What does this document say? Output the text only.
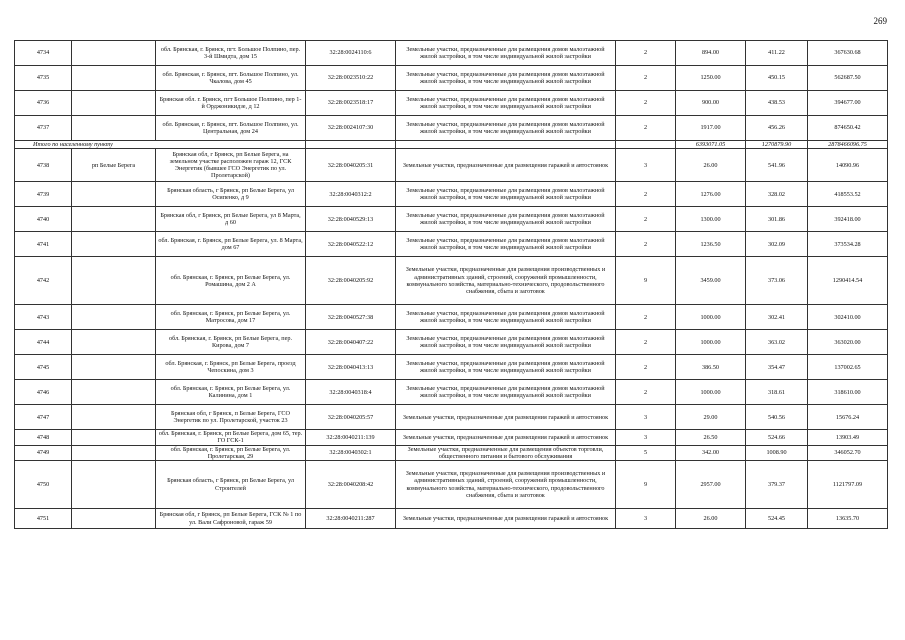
269
4734		обл. Брянская, г. Брянск, пгт. Большое Полпино, пер. 3-й Шмидта, дом 15	32:28:0024110:6	Земельные участки, предназначенные для размещения домов малоэтажной жилой застройки, в том числе индивидуальной жилой застройки	2	894.00	411.22	367630.68
4735		обл. Брянская, г. Брянск, пгт. Большое Полпино, ул. Чкалова, дом 45	32:28:0023510:22	Земельные участки, предназначенные для размещения домов малоэтажной жилой застройки, в том числе индивидуальной жилой застройки	2	1250.00	450.15	562687.50
4736		Брянская обл. г. Брянск, пгт Большое Полпино, пер 1-й Орджоникидзе, д 12	32:28:0023518:17	Земельные участки, предназначенные для размещения домов малоэтажной жилой застройки, в том числе индивидуальной жилой застройки	2	900.00	438.53	394677.00
4737		обл. Брянская, г. Брянск, пгт. Большое Полпино, ул. Центральная, дом 24	32:28:0024107:30	Земельные участки, предназначенные для размещения домов малоэтажной жилой застройки, в том числе индивидуальной жилой застройки	2	1917.00	456.26	874650.42
Итого по населенному пункту						6393071.05	1270879.90	2878466096.75
4738	рп Белые Берега	Брянская обл, г Брянск, рп Белые Берега, на земельном участке расположен гараж 12, ГСК Энергетик (бывшее ГСО Энергетик по ул. Пролетарской)	32:28:0040205:31	Земельные участки, предназначенные для размещения гаражей и автостоянок	3	26.00	541.96	14090.96
4739		Брянская область, г Брянск, рп Белые Берега, ул Осипенко, д 9	32:28:0040312:2	Земельные участки, предназначенные для размещения домов малоэтажной жилой застройки, в том числе индивидуальной жилой застройки	2	1276.00	328.02	418553.52
4740		Брянская обл, г Брянск, рп Белые Берега, ул 8 Марта, д 60	32:28:0040529:13	Земельные участки, предназначенные для размещения домов малоэтажной жилой застройки, в том числе индивидуальной жилой застройки	2	1300.00	301.86	392418.00
4741		обл. Брянская, г. Брянск, рп Белые Берега, ул. 8 Марта, дом 67	32:28:0040522:12	Земельные участки, предназначенные для размещения домов малоэтажной жилой застройки, в том числе индивидуальной жилой застройки	2	1236.50	302.09	373534.28
4742		обл. Брянская, г. Брянск, рп Белые Берега, ул. Ромашина, дом 2 А	32:28:0040205:92	Земельные участки, предназначенные для размещения производственных и административных зданий, строений, сооружений промышленности, коммунального хозяйства, материально-технического, продовольственного снабжения, сбыта и заготовок	9	3459.00	373.06	1290414.54
4743		обл. Брянская, г. Брянск, рп Белые Берега, ул. Матросова, дом 17	32:28:0040527:38	Земельные участки, предназначенные для размещения домов малоэтажной жилой застройки, в том числе индивидуальной жилой застройки	2	1000.00	302.41	302410.00
4744		обл. Брянская, г. Брянск, рп Белые Берега, пер. Кирова, дом 7	32:28:0040407:22	Земельные участки, предназначенные для размещения домов малоэтажной жилой застройки, в том числе индивидуальной жилой застройки	2	1000.00	363.02	363020.00
4745		обл. Брянская, г. Брянск, рп Белые Берега, проезд Чепоскина, дом 3	32:28:0040413:13	Земельные участки, предназначенные для размещения домов малоэтажной жилой застройки, в том числе индивидуальной жилой застройки	2	386.50	354.47	137002.65
4746		обл. Брянская, г. Брянск, рп Белые Берега, ул. Калинина, дом 1	32:28:0040318:4	Земельные участки, предназначенные для размещения домов малоэтажной жилой застройки, в том числе индивидуальной жилой застройки	2	1000.00	318.61	318610.00
4747		Брянская обл, г Брянск, п Белые Берега, ГСО Энергетик по ул. Пролетарской, участок 23	32:28:0040205:57	Земельные участки, предназначенные для размещения гаражей и автостоянок	3	29.00	540.56	15676.24
4748		обл. Брянская, г. Брянск, рп Белые Берега, дом 65, тер. ГО ГСК-1	32:28:0040211:139	Земельные участки, предназначенные для размещения гаражей и автостоянок	3	26.50	524.66	13903.49
4749		обл. Брянская, г. Брянск, рп Белые Берега, ул. Пролетарская, 29	32:28:0040302:1	Земельные участки, предназначенные для размещения объектов торговли, общественного питания и бытового обслуживания	5	342.00	1008.90	346052.70
4750		Брянская область, г Брянск, рп Белые Берега, ул Строителей	32:28:0040208:42	Земельные участки, предназначенные для размещения производственных и административных зданий, строений, сооружений промышленности, коммунального хозяйства, материально-технического, продовольственного снабжения, сбыта и заготовок	9	2957.00	379.37	1121797.09
4751		Брянская обл, г Брянск, рп Белые Берега, ГСК № 1 по ул. Вали Сафроновой, гараж 59	32:28:0040211:287	Земельные участки, предназначенные для размещения гаражей и автостоянок	3	26.00	524.45	13635.70
